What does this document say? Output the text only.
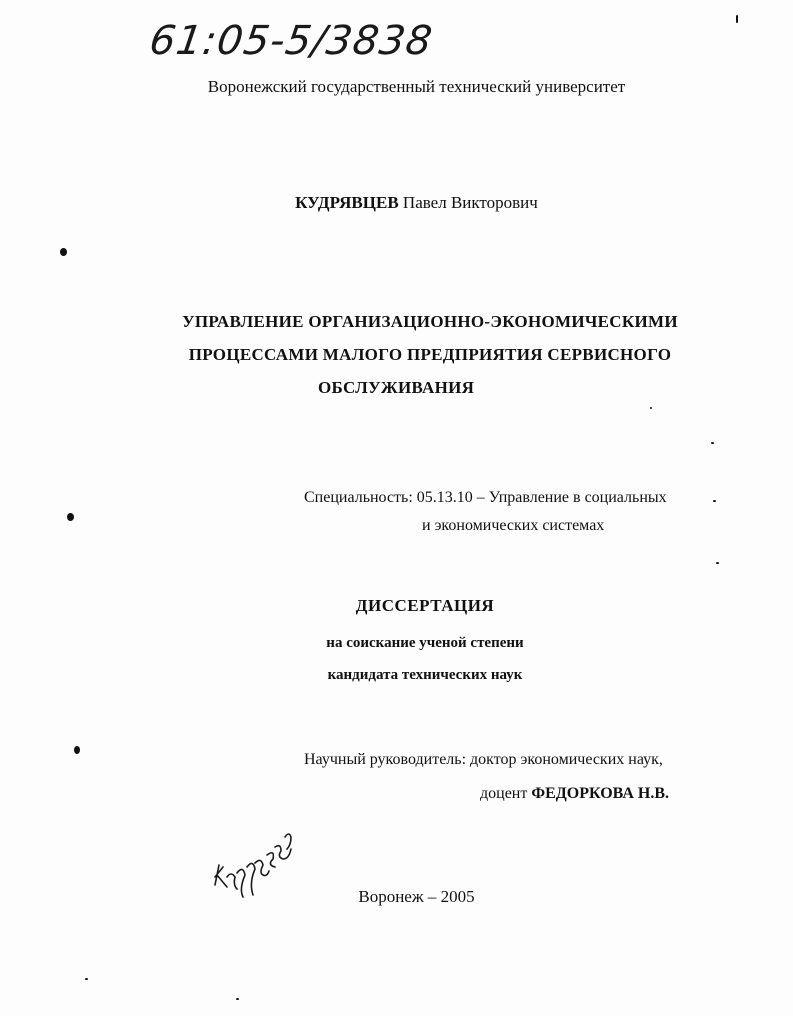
61:05-5/3838
Воронежский государственный технический университет
КУДРЯВЦЕВ Павел Викторович
УПРАВЛЕНИЕ ОРГАНИЗАЦИОННО-ЭКОНОМИЧЕСКИМИ
ПРОЦЕССАМИ МАЛОГО ПРЕДПРИЯТИЯ СЕРВИСНОГО
ОБСЛУЖИВАНИЯ
Специальность: 05.13.10 – Управление в социальных
и экономических системах
ДИССЕРТАЦИЯ
на соискание ученой степени
кандидата технических наук
Научный руководитель: доктор экономических наук,
доцент ФЕДОРКОВА Н.В.
Воронеж – 2005
